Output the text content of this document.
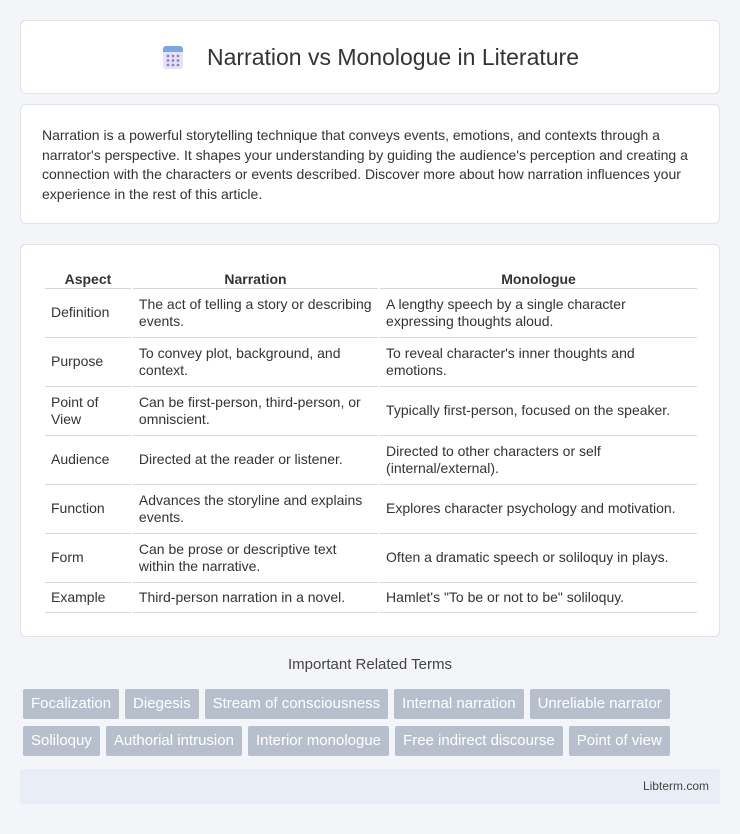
Narration vs Monologue in Literature

Narration is a powerful storytelling technique that conveys events, emotions, and contexts through a narrator's perspective. It shapes your understanding by guiding the audience's perception and creating a connection with the characters or events described. Discover more about how narration influences your experience in the rest of this article.

Aspect	Narration	Monologue
Definition	The act of telling a story or describing events.	A lengthy speech by a single character expressing thoughts aloud.
Purpose	To convey plot, background, and context.	To reveal character's inner thoughts and emotions.
Point of View	Can be first-person, third-person, or omniscient.	Typically first-person, focused on the speaker.
Audience	Directed at the reader or listener.	Directed to other characters or self (internal/external).
Function	Advances the storyline and explains events.	Explores character psychology and motivation.
Form	Can be prose or descriptive text within the narrative.	Often a dramatic speech or soliloquy in plays.
Example	Third-person narration in a novel.	Hamlet's "To be or not to be" soliloquy.
Important Related Terms
Focalization	Diegesis	Stream of consciousness	Internal narration	Unreliable narrator
Soliloquy	Authorial intrusion	Interior monologue	Free indirect discourse	Point of view
Libterm.com
